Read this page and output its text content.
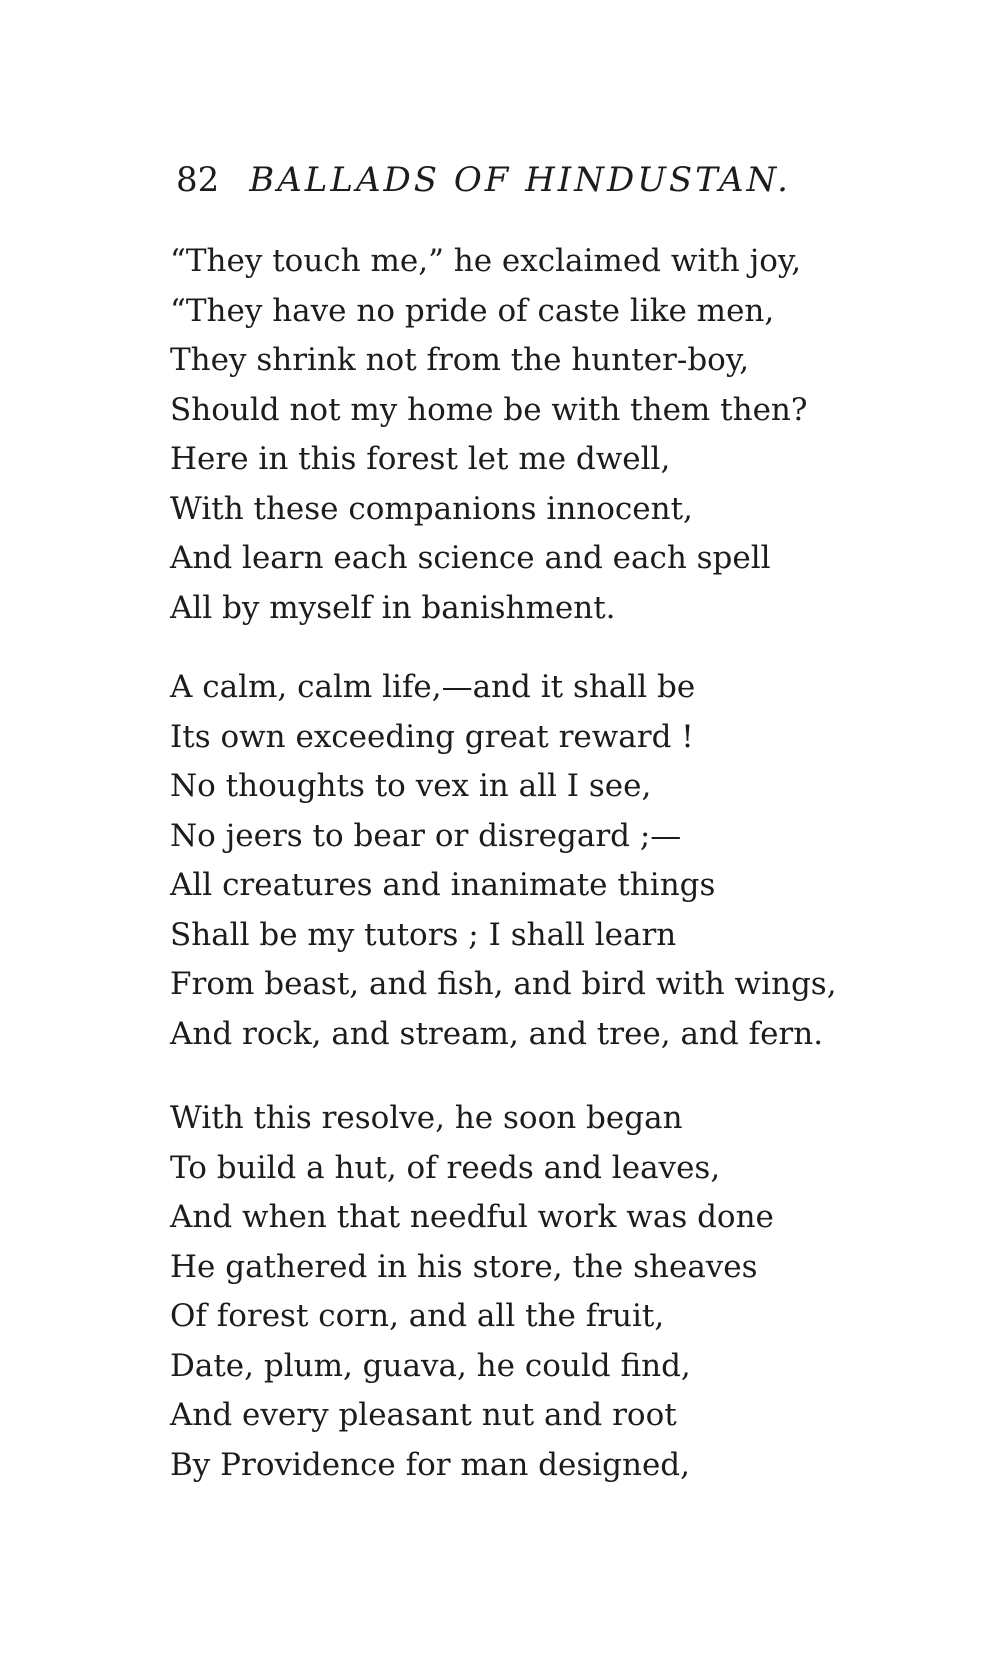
82 BALLADS OF HINDUSTAN.
“They touch me,” he exclaimed with joy,
“They have no pride of caste like men,
They shrink not from the hunter-boy,
Should not my home be with them then?
Here in this forest let me dwell,
With these companions innocent,
And learn each science and each spell
All by myself in banishment.
A calm, calm life,—and it shall be
Its own exceeding great reward !
No thoughts to vex in all I see,
No jeers to bear or disregard ;—
All creatures and inanimate things
Shall be my tutors ; I shall learn
From beast, and fish, and bird with wings,
And rock, and stream, and tree, and fern.
With this resolve, he soon began
To build a hut, of reeds and leaves,
And when that needful work was done
He gathered in his store, the sheaves
Of forest corn, and all the fruit,
Date, plum, guava, he could find,
And every pleasant nut and root
By Providence for man designed,
